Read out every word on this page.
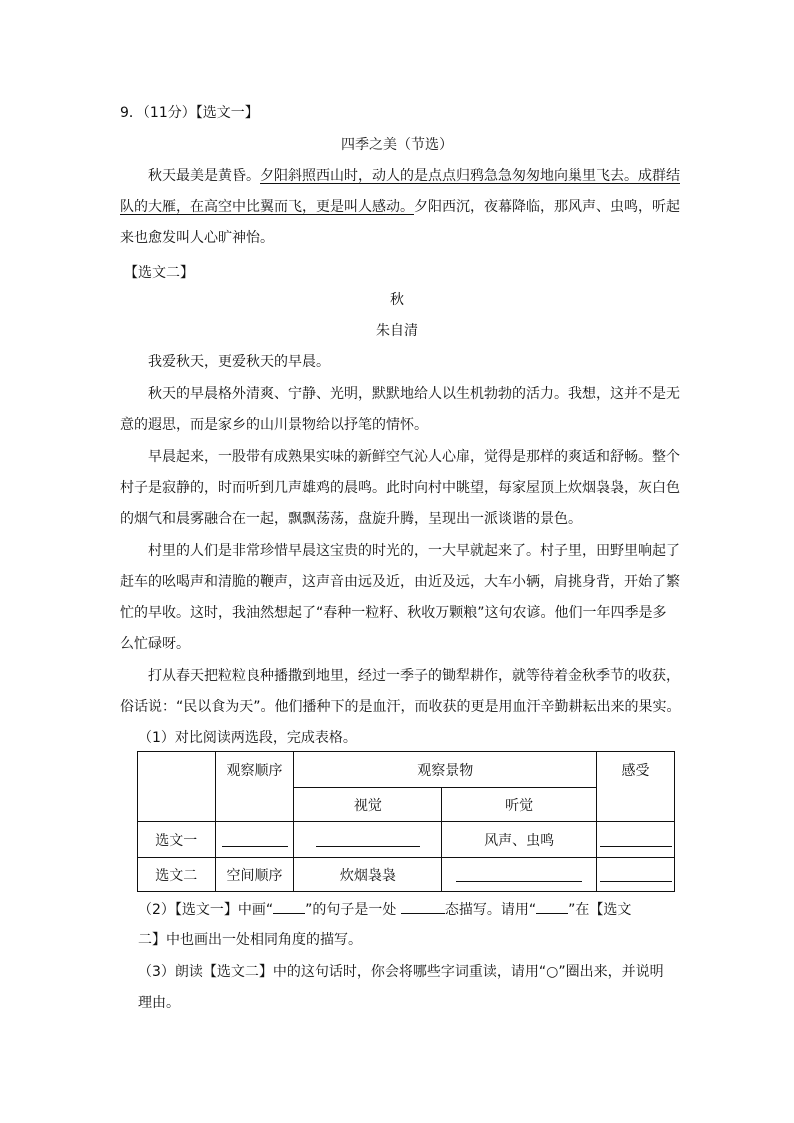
9．（11分）【选文一】
四季之美（节选）
秋天最美是黄昏。夕阳斜照西山时，动人的是点点归鸦急急匆匆地向巢里飞去。成群结
队的大雁，在高空中比翼而飞，更是叫人感动。夕阳西沉，夜幕降临，那风声、虫鸣，听起
来也愈发叫人心旷神怡。
【选文二】
秋
朱自清
我爱秋天，更爱秋天的早晨。
秋天的早晨格外清爽、宁静、光明，默默地给人以生机勃勃的活力。我想，这并不是无
意的遐思，而是家乡的山川景物给以抒笔的情怀。
早晨起来，一股带有成熟果实味的新鲜空气沁人心扉，觉得是那样的爽适和舒畅。整个
村子是寂静的，时而听到几声雄鸡的晨鸣。此时向村中眺望，每家屋顶上炊烟袅袅，灰白色
的烟气和晨雾融合在一起，飘飘荡荡，盘旋升腾，呈现出一派谈谐的景色。
村里的人们是非常珍惜早晨这宝贵的时光的，一大早就起来了。村子里，田野里响起了
赶车的吆喝声和清脆的鞭声，这声音由远及近，由近及远，大车小辆，肩挑身背，开始了繁
忙的早收。这时，我油然想起了“春种一粒籽、秋收万颗粮”这句农谚。他们一年四季是多
么忙碌呀。
打从春天把粒粒良种播撒到地里，经过一季子的锄犁耕作，就等待着金秋季节的收获，
俗话说：“民以食为天”。他们播种下的是血汗，而收获的更是用血汗辛勤耕耘出来的果实。
（1）对比阅读两选段，完成表格。
	观察顺序	观察景物		感受
		视觉	听觉	
选文一			风声、虫鸣	
选文二	空间顺序	炊烟袅袅		
（2）【选文一】中画“ ”的句子是一处	态描写。请用“ ”在【选文
二】中也画出一处相同角度的描写。
（3）朗读【选文二】中的这句话时，你会将哪些字词重读，请用“○”圈出来，并说明
理由。
